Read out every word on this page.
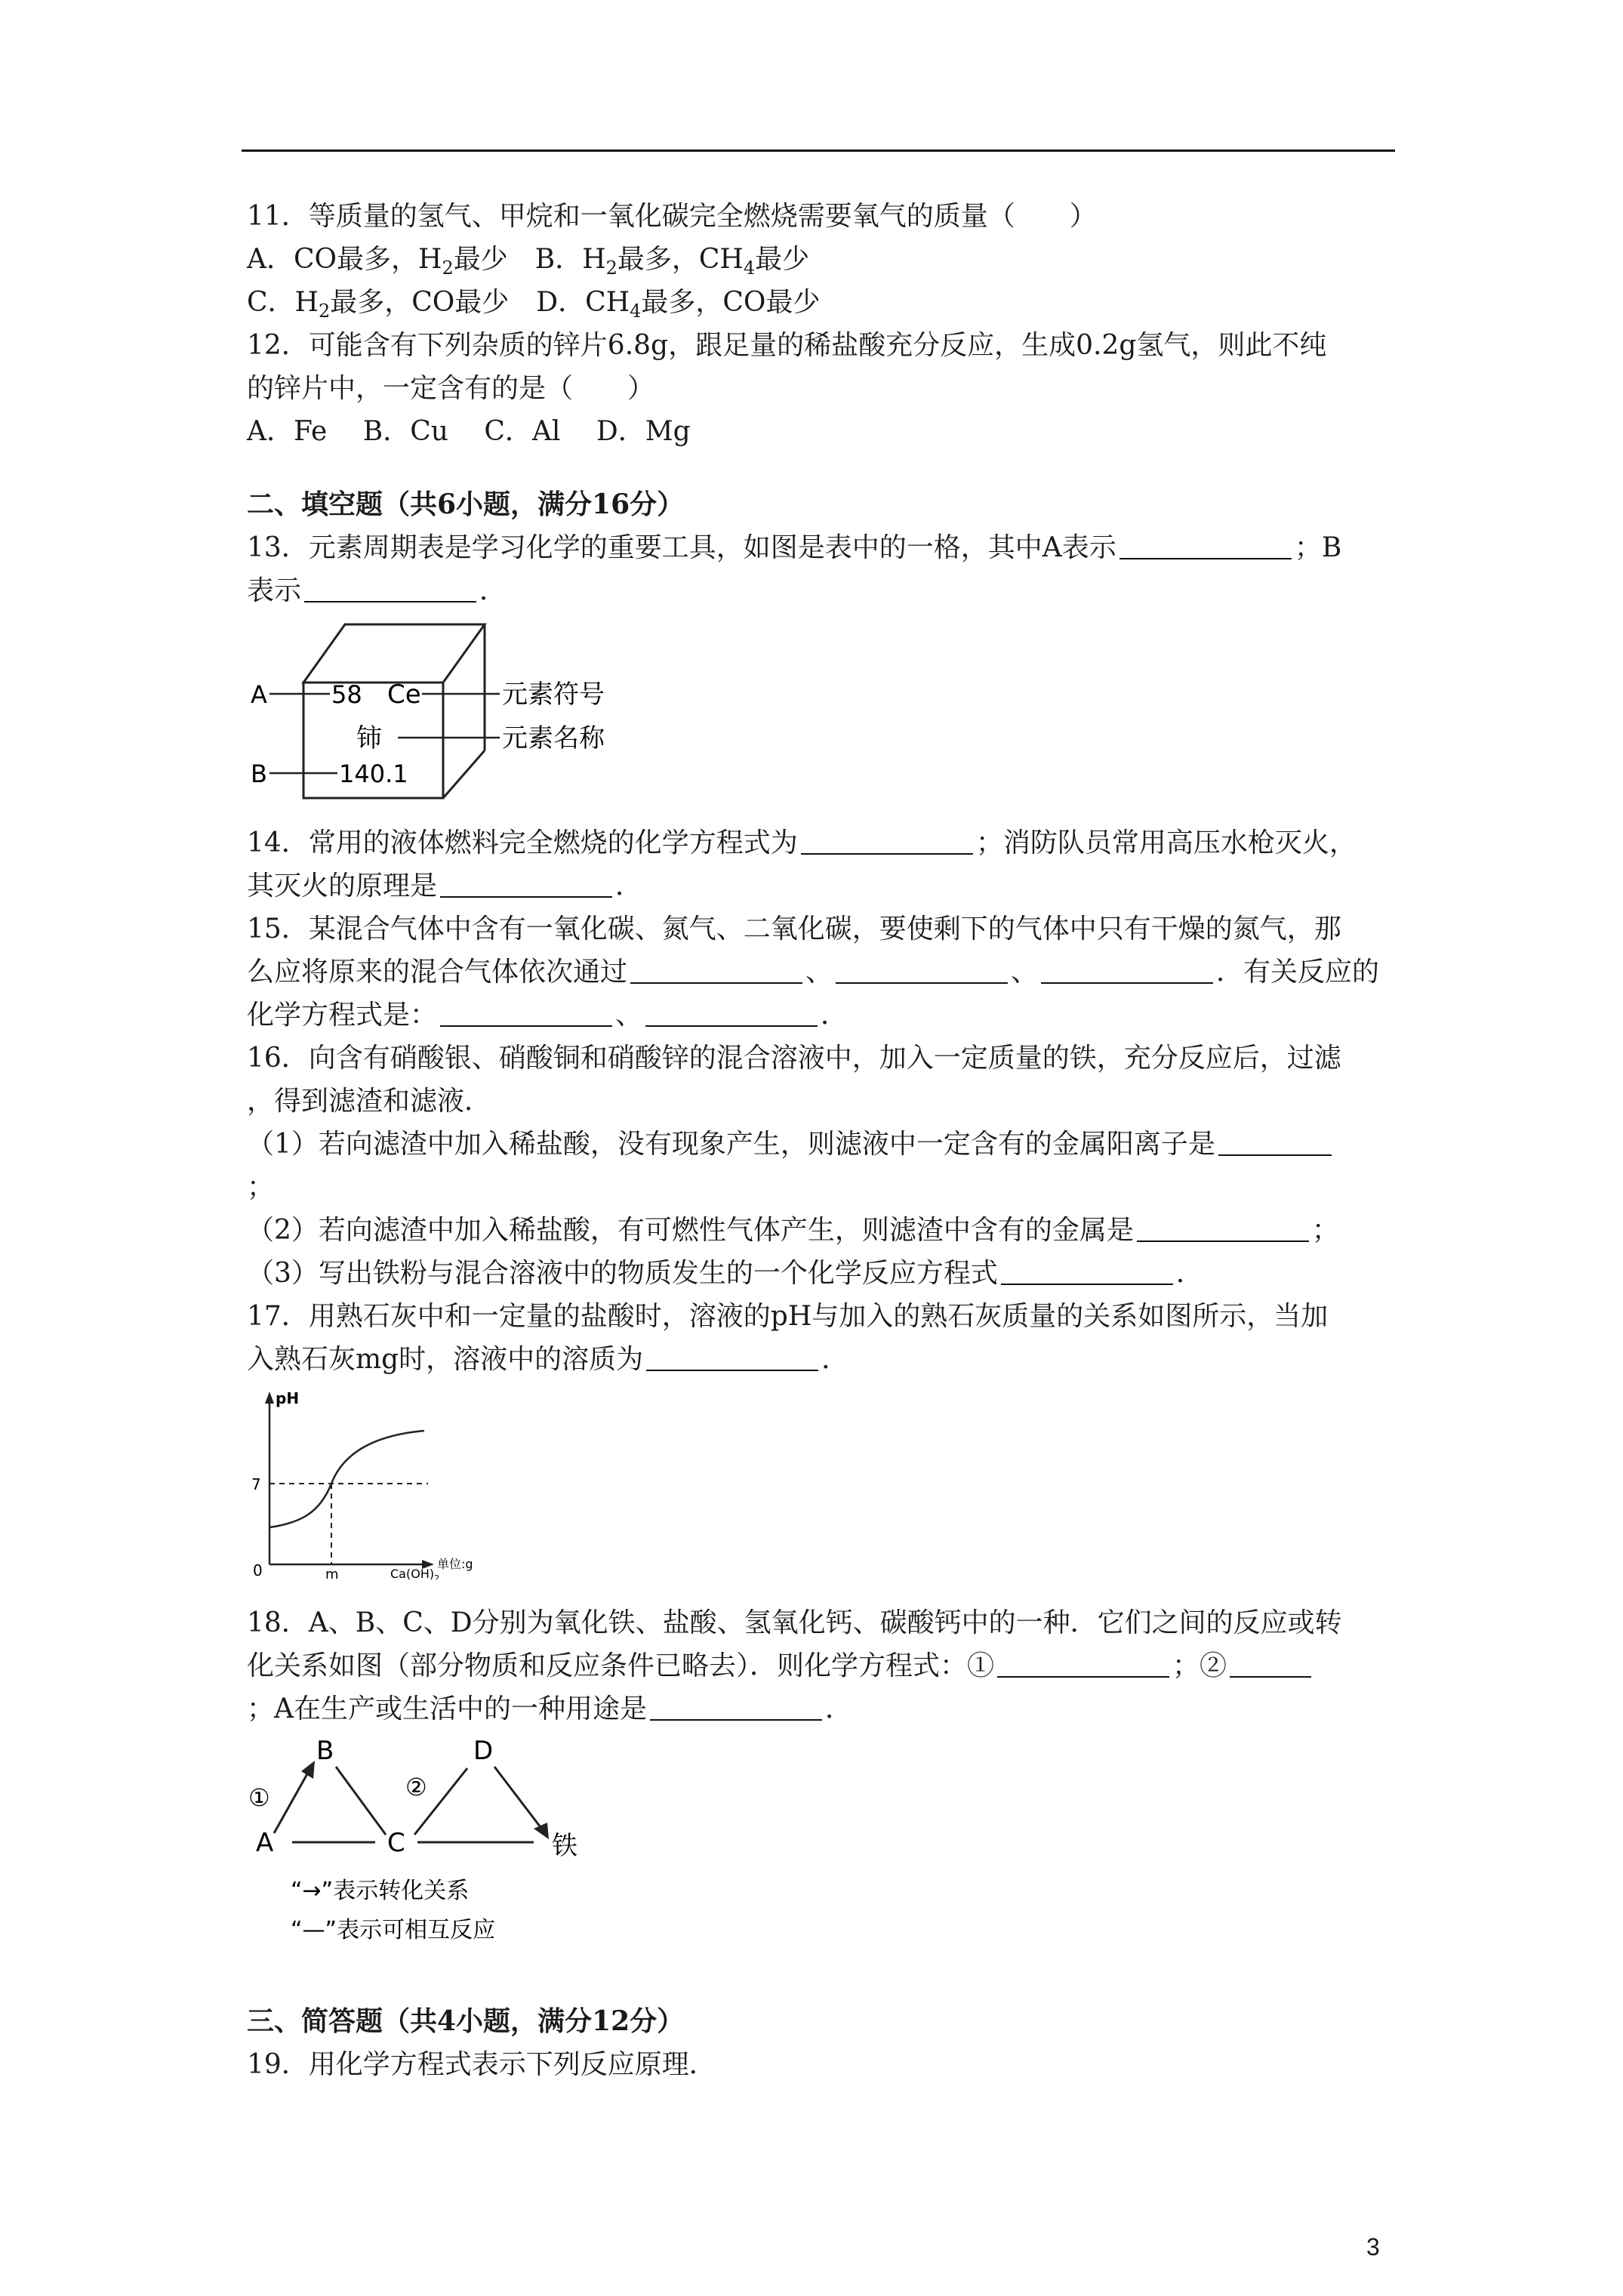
11．等质量的氢气、甲烷和一氧化碳完全燃烧需要氧气的质量（　　）
A．CO最多，$H_2$最少　B．$H_2$最多，$CH_4$最少
C．$H_2$最多，CO最少　D．$CH_4$最多，CO最少
12．可能含有下列杂质的锌片6.8g，跟足量的稀盐酸充分反应，生成0.2g氢气，则此不纯
的锌片中，一定含有的是（　　）
A．Fe　 B．Cu　 C．Al　 D．Mg
二、填空题（共6小题，满分16分）
13．元素周期表是学习化学的重要工具，如图是表中的一格，其中A表示	；B
表示	．
A
B
58 Ce
铈
140.1
元素符号
元素名称
14．常用的液体燃料完全燃烧的化学方程式为	；消防队员常用高压水枪灭火，
其灭火的原理是	．
15．某混合气体中含有一氧化碳、氮气、二氧化碳，要使剩下的气体中只有干燥的氮气，那
么应将原来的混合气体依次通过	、	、	．有关反应的
化学方程式是：	、	．
16．向含有硝酸银、硝酸铜和硝酸锌的混合溶液中，加入一定质量的铁，充分反应后，过滤
，得到滤渣和滤液．
（1）若向滤渣中加入稀盐酸，没有现象产生，则滤液中一定含有的金属阳离子是
；
（2）若向滤渣中加入稀盐酸，有可燃性气体产生，则滤渣中含有的金属是	；
（3）写出铁粉与混合溶液中的物质发生的一个化学反应方程式	．
17．用熟石灰中和一定量的盐酸时，溶液的pH与加入的熟石灰质量的关系如图所示，当加
入熟石灰mg时，溶液中的溶质为	．
pH
7
0	m
单位:g
$Ca(OH)_2$
18．A、B、C、D分别为氧化铁、盐酸、氢氧化钙、碳酸钙中的一种．它们之间的反应或转
化关系如图（部分物质和反应条件已略去）．则化学方程式：①	；②
；A在生产或生活中的一种用途是	．
B	D
A	C	铁
①	②
“→”表示转化关系
“—”表示可相互反应
三、简答题（共4小题，满分12分）
19．用化学方程式表示下列反应原理．
3
